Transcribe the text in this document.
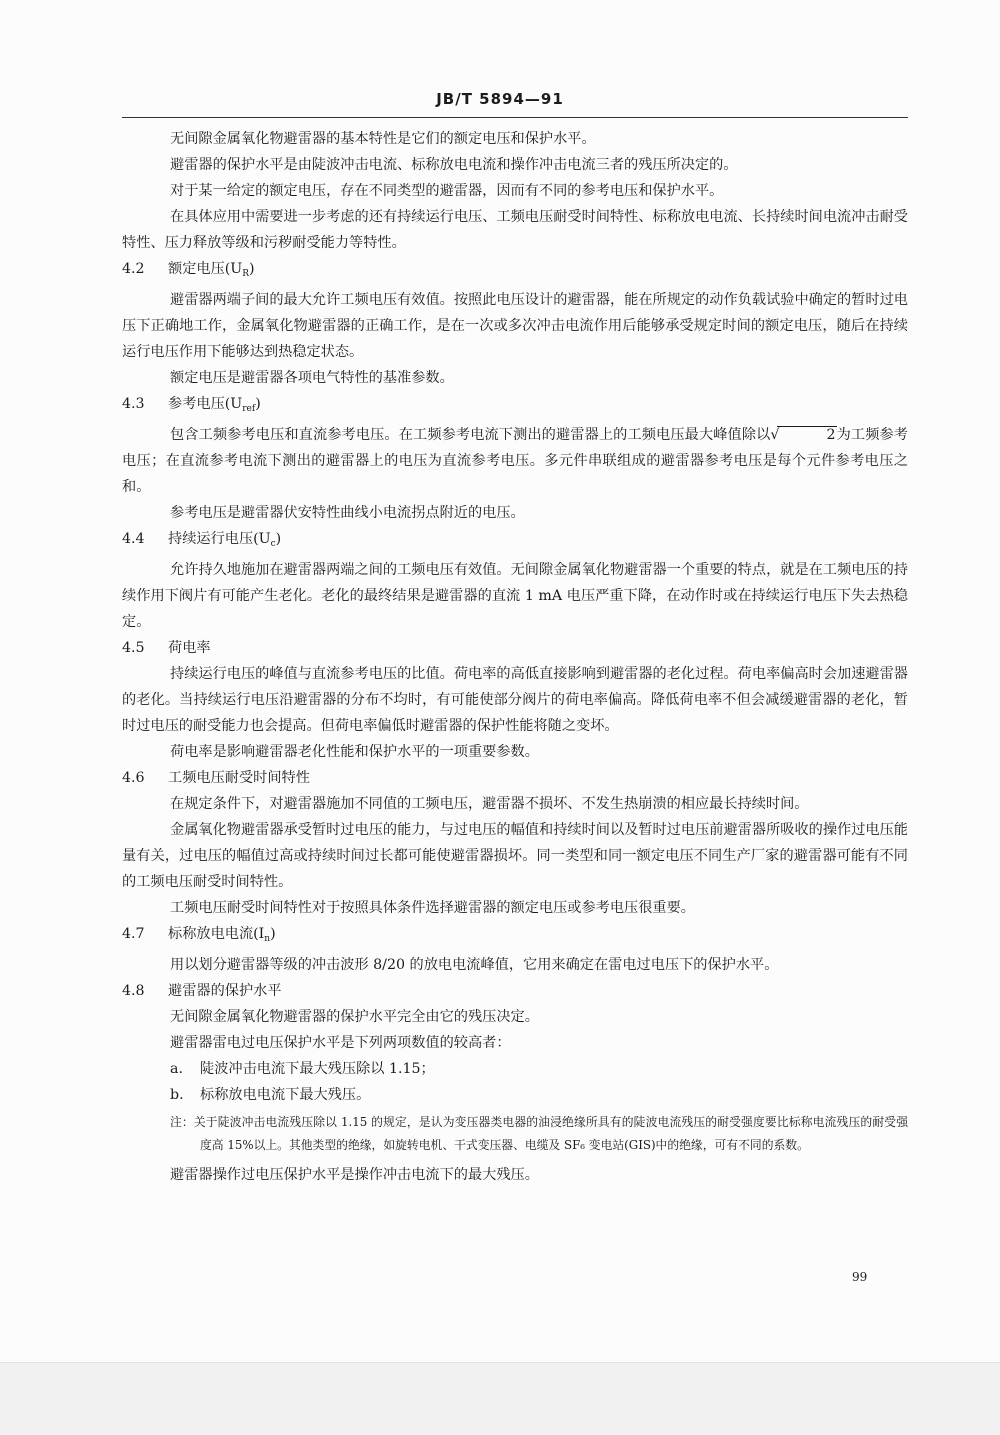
JB/T 5894—91

无间隙金属氧化物避雷器的基本特性是它们的额定电压和保护水平。

避雷器的保护水平是由陡波冲击电流、标称放电电流和操作冲击电流三者的残压所决定的。

对于某一给定的额定电压，存在不同类型的避雷器，因而有不同的参考电压和保护水平。

在具体应用中需要进一步考虑的还有持续运行电压、工频电压耐受时间特性、标称放电电流、长持续时间电流冲击耐受特性、压力释放等级和污秽耐受能力等特性。

4.2 额定电压$(U_R)$

避雷器两端子间的最大允许工频电压有效值。按照此电压设计的避雷器，能在所规定的动作负载试验中确定的暂时过电压下正确地工作，金属氧化物避雷器的正确工作，是在一次或多次冲击电流作用后能够承受规定时间的额定电压，随后在持续运行电压作用下能够达到热稳定状态。

额定电压是避雷器各项电气特性的基准参数。

4.3 参考电压$(U_{ref})$

包含工频参考电压和直流参考电压。在工频参考电流下测出的避雷器上的工频电压最大峰值除以√	2为工频参考电压；在直流参考电流下测出的避雷器上的电压为直流参考电压。多元件串联组成的避雷器参考电压是每个元件参考电压之和。

参考电压是避雷器伏安特性曲线小电流拐点附近的电压。

4.4 持续运行电压$(U_c)$

允许持久地施加在避雷器两端之间的工频电压有效值。无间隙金属氧化物避雷器一个重要的特点，就是在工频电压的持续作用下阀片有可能产生老化。老化的最终结果是避雷器的直流 1 mA 电压严重下降，在动作时或在持续运行电压下失去热稳定。

4.5 荷电率

持续运行电压的峰值与直流参考电压的比值。荷电率的高低直接影响到避雷器的老化过程。荷电率偏高时会加速避雷器的老化。当持续运行电压沿避雷器的分布不均时，有可能使部分阀片的荷电率偏高。降低荷电率不但会减缓避雷器的老化，暂时过电压的耐受能力也会提高。但荷电率偏低时避雷器的保护性能将随之变坏。

荷电率是影响避雷器老化性能和保护水平的一项重要参数。

4.6 工频电压耐受时间特性

在规定条件下，对避雷器施加不同值的工频电压，避雷器不损坏、不发生热崩溃的相应最长持续时间。

金属氧化物避雷器承受暂时过电压的能力，与过电压的幅值和持续时间以及暂时过电压前避雷器所吸收的操作过电压能量有关，过电压的幅值过高或持续时间过长都可能使避雷器损坏。同一类型和同一额定电压不同生产厂家的避雷器可能有不同的工频电压耐受时间特性。

工频电压耐受时间特性对于按照具体条件选择避雷器的额定电压或参考电压很重要。

4.7 标称放电电流$(I_n)$

用以划分避雷器等级的冲击波形 8/20 的放电电流峰值，它用来确定在雷电过电压下的保护水平。

4.8 避雷器的保护水平

无间隙金属氧化物避雷器的保护水平完全由它的残压决定。

避雷器雷电过电压保护水平是下列两项数值的较高者：

a. 陡波冲击电流下最大残压除以 1.15；

b. 标称放电电流下最大残压。

注：关于陡波冲击电流残压除以 1.15 的规定，是认为变压器类电器的油浸绝缘所具有的陡波电流残压的耐受强度要比标称电流残压的耐受强度高 15%以上。其他类型的绝缘，如旋转电机、干式变压器、电缆及 SF₆ 变电站(GIS)中的绝缘，可有不同的系数。

避雷器操作过电压保护水平是操作冲击电流下的最大残压。

99
